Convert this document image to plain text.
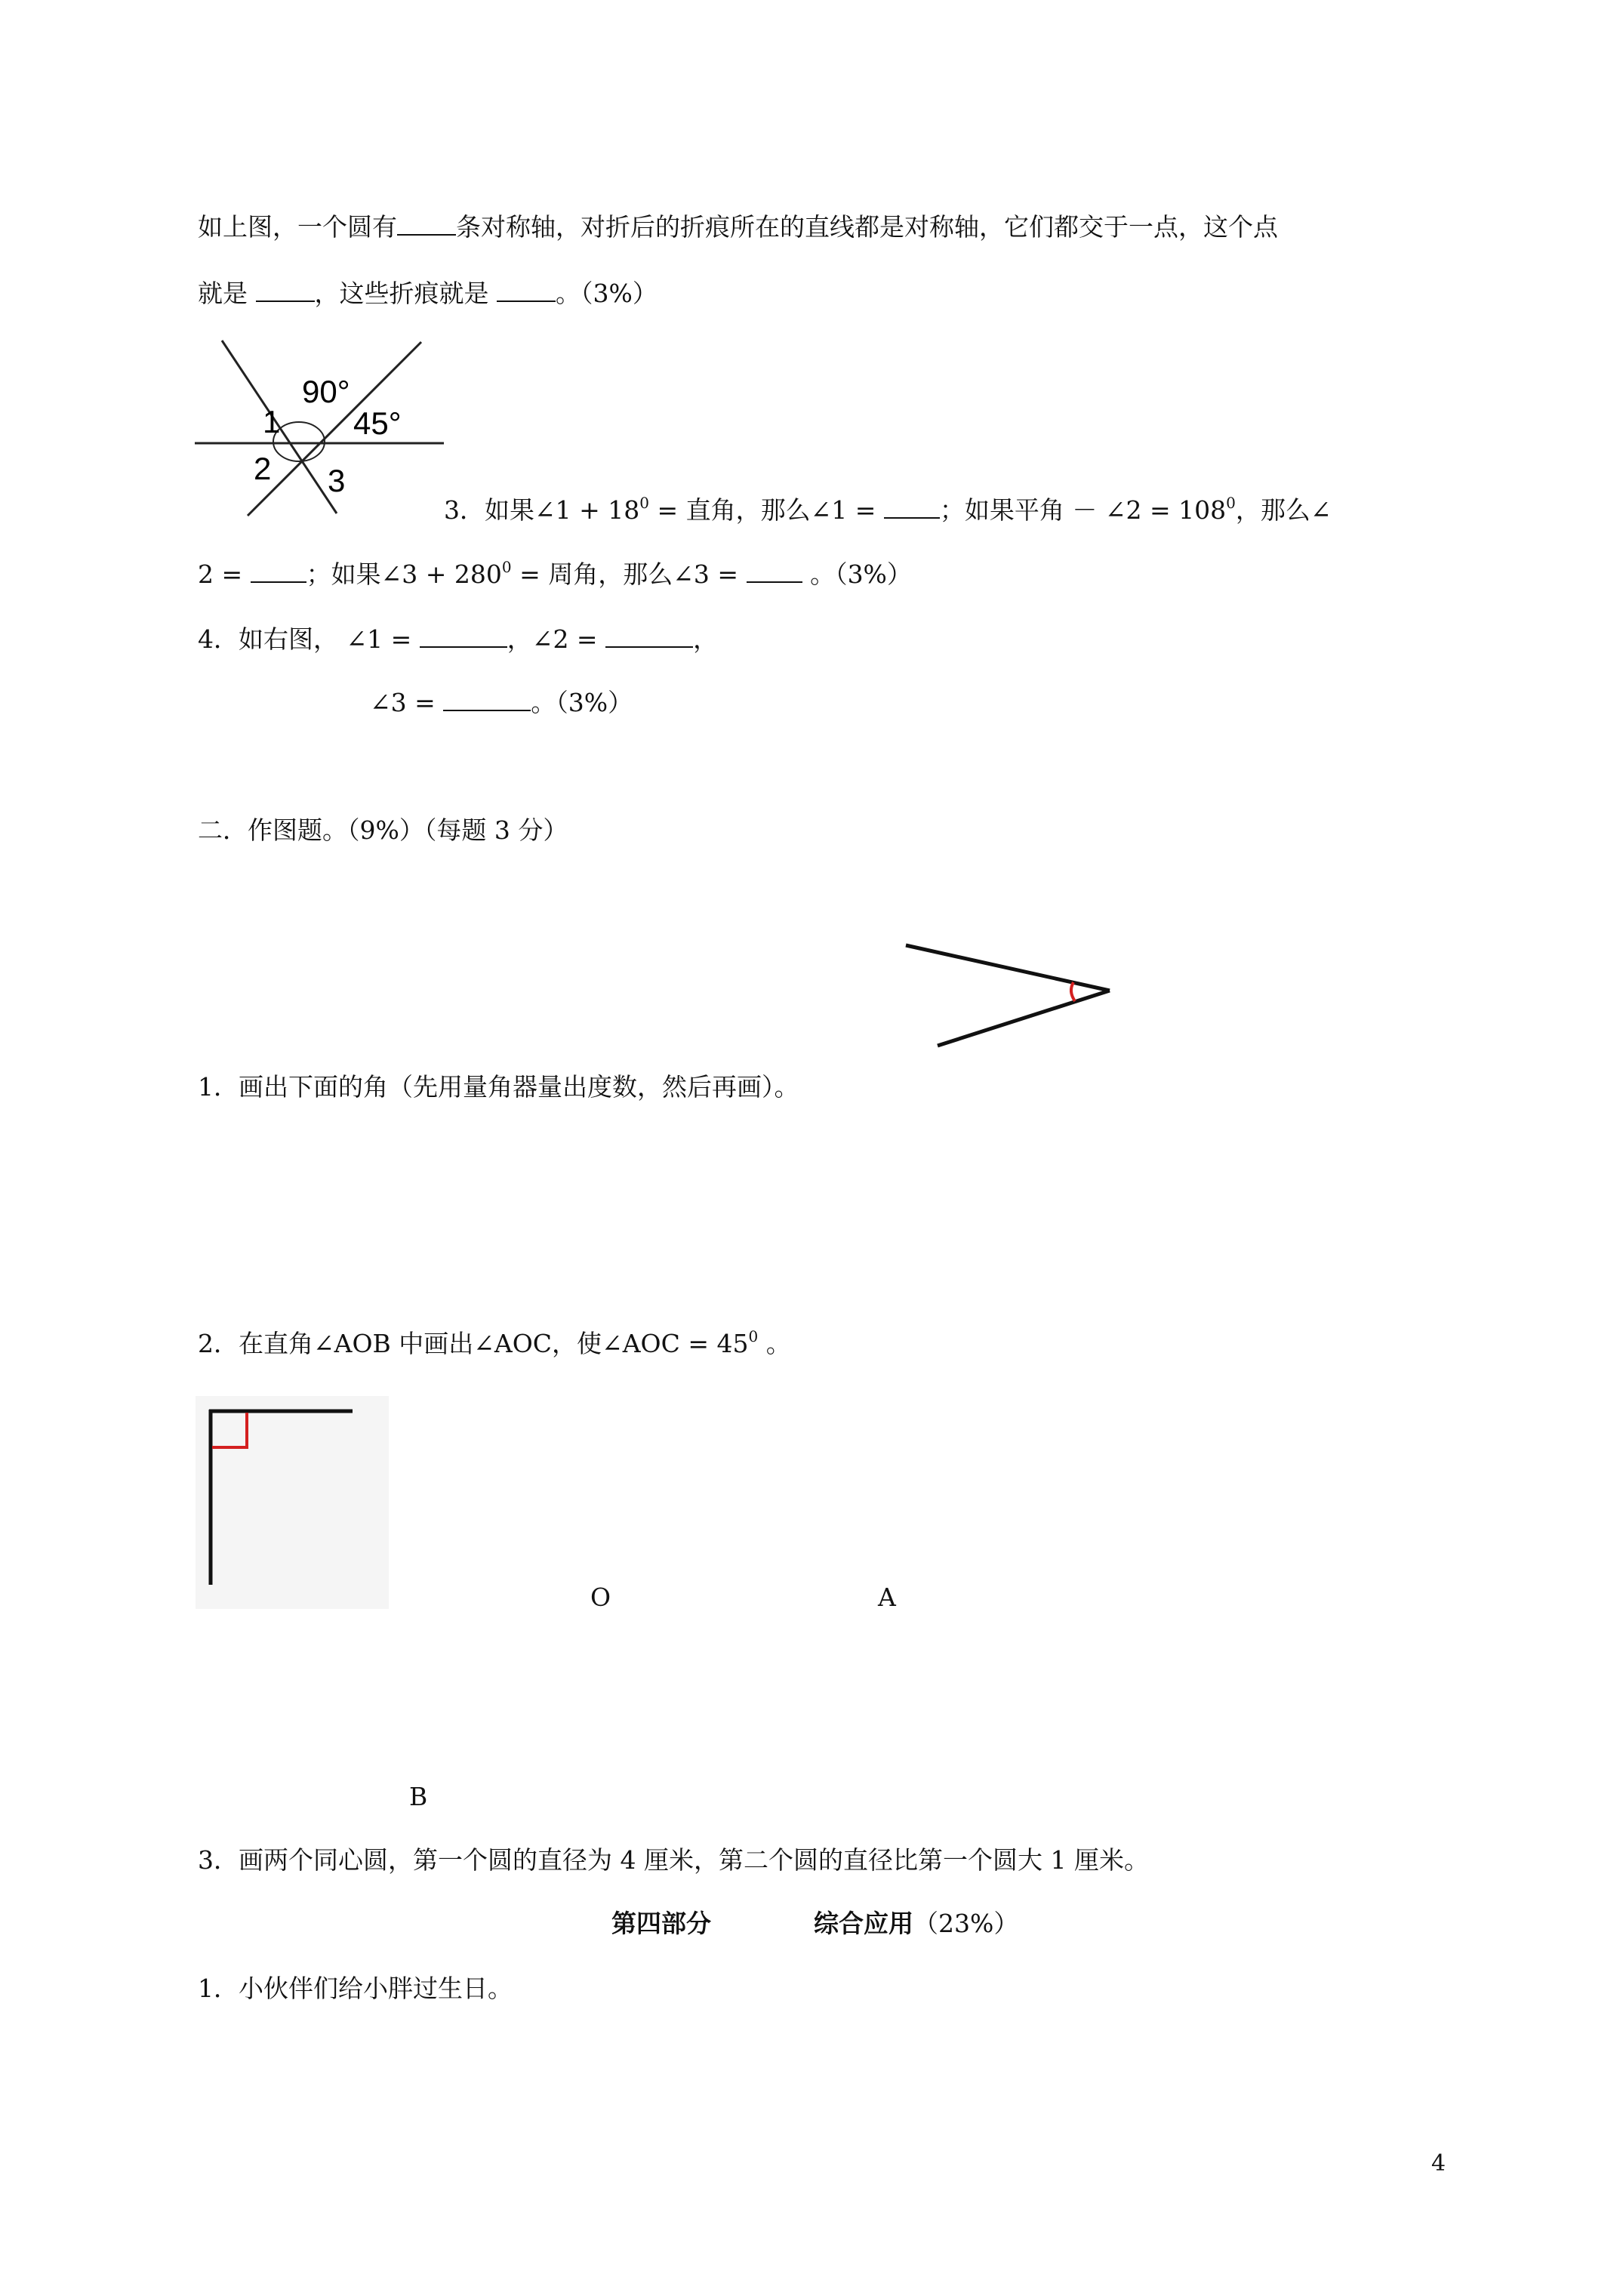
如上图，一个圆有 条对称轴，对折后的折痕所在的直线都是对称轴，它们都交于一点，这个点
就是	，这些折痕就是	。（3%）
90°
45°
1
2 3
3．如果∠1 + $18^0$ = 直角，那么∠1 =	；如果平角 － ∠2 = $108^0$，那么∠
2 =	；如果∠3 + $280^0$ = 周角，那么∠3 =	。（3%）
4．如右图， ∠1 =	，∠2 =	，
∠3 =	。（3%）
二．作图题。（9%）（每题 3 分）
1．画出下面的角（先用量角器量出度数，然后再画）。
2．在直角∠AOB 中画出∠AOC，使∠AOC = $45^0$ 。
O	A
B
3．画两个同心圆，第一个圆的直径为 4 厘米，第二个圆的直径比第一个圆大 1 厘米。
第四部分	综合应用（23%）
1．小伙伴们给小胖过生日。
4
